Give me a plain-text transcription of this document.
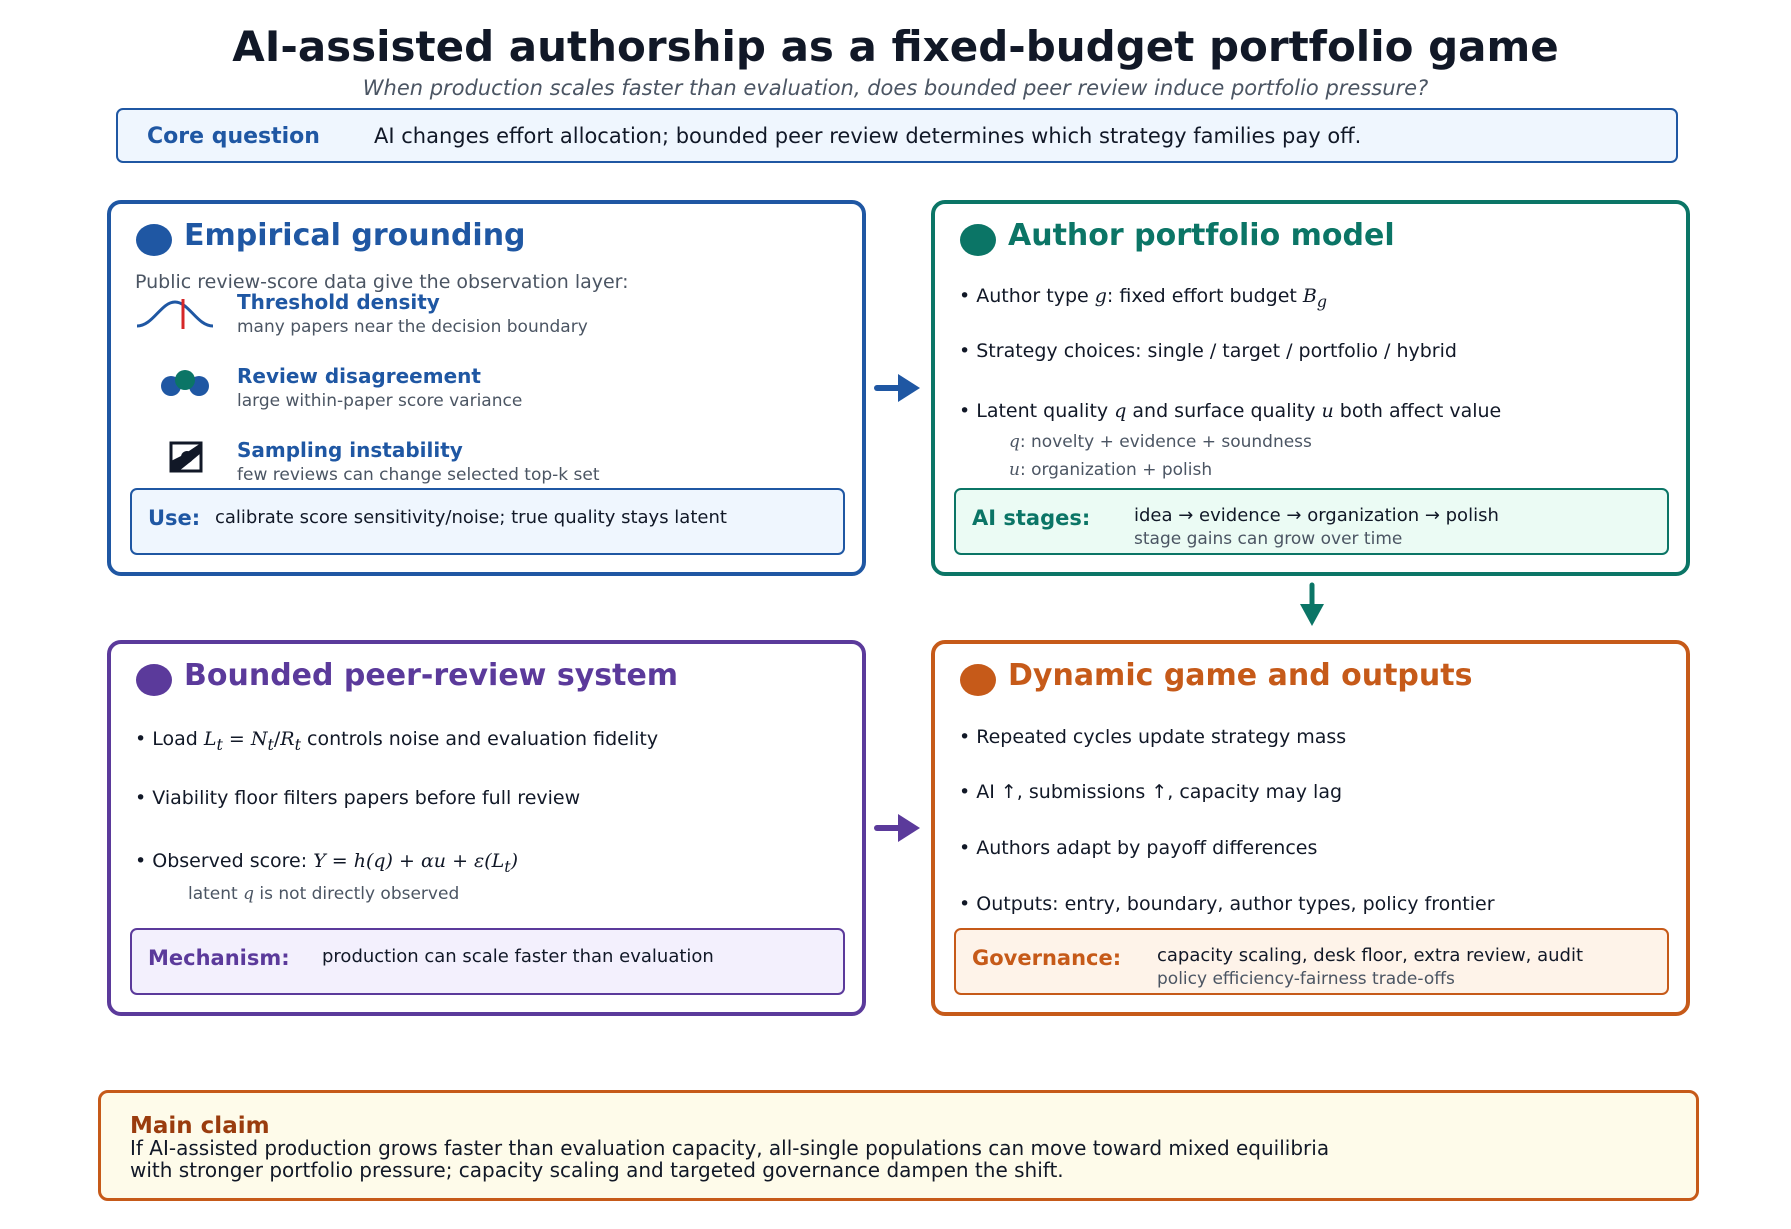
AI-assisted authorship as a fixed-budget portfolio game
When production scales faster than evaluation, does bounded peer review induce portfolio pressure?
Core question	AI changes effort allocation; bounded peer review determines which strategy families pay off.
Empirical grounding
Public review-score data give the observation layer:
Threshold density
many papers near the decision boundary
Review disagreement
large within-paper score variance
Sampling instability
few reviews can change selected top-k set
Use: calibrate score sensitivity/noise; true quality stays latent
Author portfolio model
• Author type g: fixed effort budget $B_g$
• Strategy choices: single / target / portfolio / hybrid
• Latent quality q and surface quality u both affect value
q: novelty + evidence + soundness
u: organization + polish
AI stages: idea → evidence → organization → polish
stage gains can grow over time
Bounded peer-review system
• Load $L_t = N_t/R_t$ controls noise and evaluation fidelity
• Viability floor filters papers before full review
• Observed score: $Y = h(q) + \alpha u + \varepsilon(L_t)$
latent q is not directly observed
Mechanism: production can scale faster than evaluation
Dynamic game and outputs
• Repeated cycles update strategy mass
• AI ↑, submissions ↑, capacity may lag
• Authors adapt by payoff differences
• Outputs: entry, boundary, author types, policy frontier
Governance: capacity scaling, desk floor, extra review, audit
policy efficiency-fairness trade-offs
Main claim
If AI-assisted production grows faster than evaluation capacity, all-single populations can move toward mixed equilibria
with stronger portfolio pressure; capacity scaling and targeted governance dampen the shift.
